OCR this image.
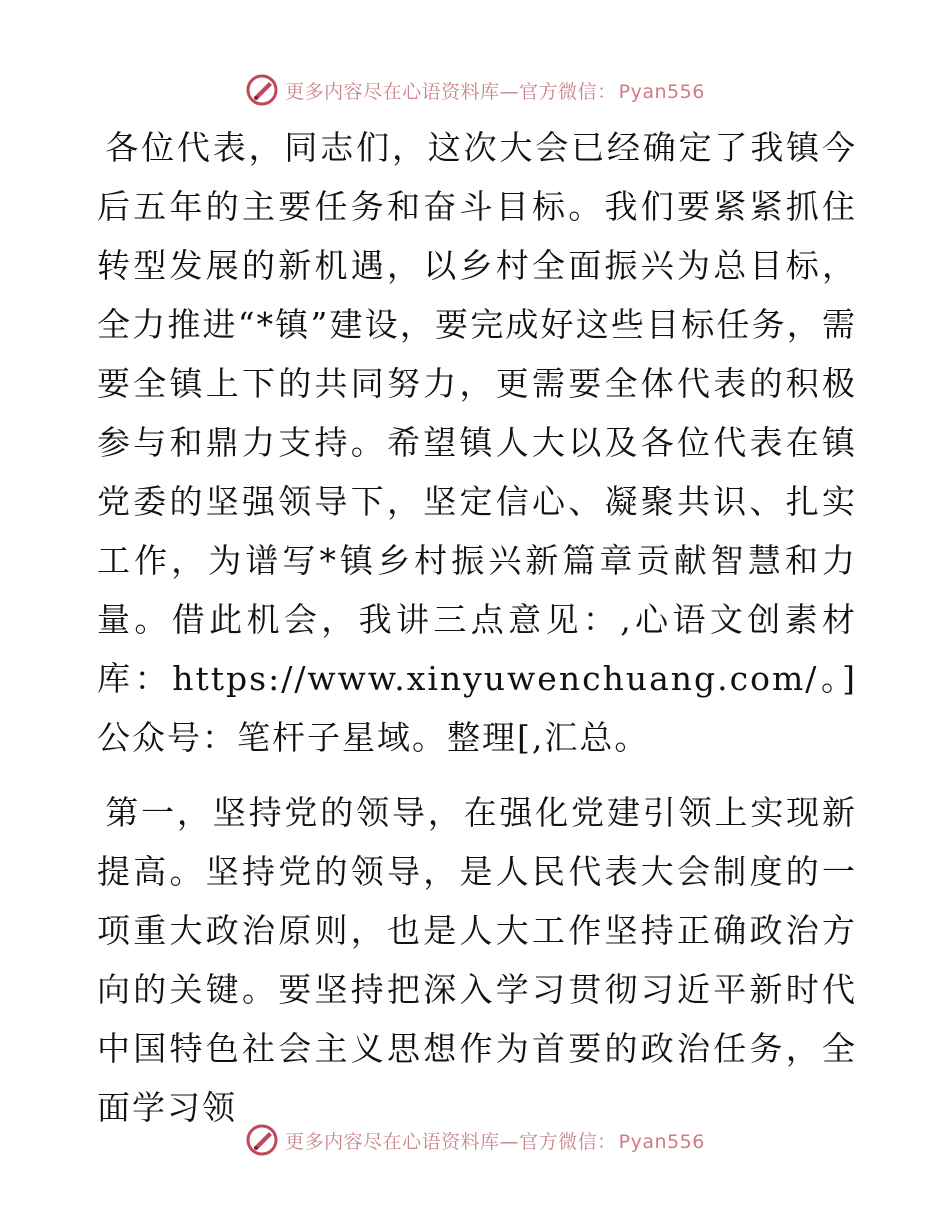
更多内容尽在心语资料库—官方微信： Pyan556

各位代表，同志们，这次大会已经确定了我镇今后五年的主要任务和奋斗目标。我们要紧紧抓住转型发展的新机遇，以乡村全面振兴为总目标，全力推进“*镇”建设，要完成好这些目标任务，需要全镇上下的共同努力，更需要全体代表的积极参与和鼎力支持。希望镇人大以及各位代表在镇党委的坚强领导下，坚定信心、凝聚共识、扎实工作，为谱写*镇乡村振兴新篇章贡献智慧和力量。借此机会，我讲三点意见：,心语文创素材库：https://www.xinyuwenchuang.com/。]公众号：笔杆子星域。整理[,汇总。

第一，坚持党的领导，在强化党建引领上实现新提高。坚持党的领导，是人民代表大会制度的一项重大政治原则，也是人大工作坚持正确政治方向的关键。要坚持把深入学习贯彻习近平新时代中国特色社会主义思想作为首要的政治任务，全面学习领

更多内容尽在心语资料库—官方微信： Pyan556
